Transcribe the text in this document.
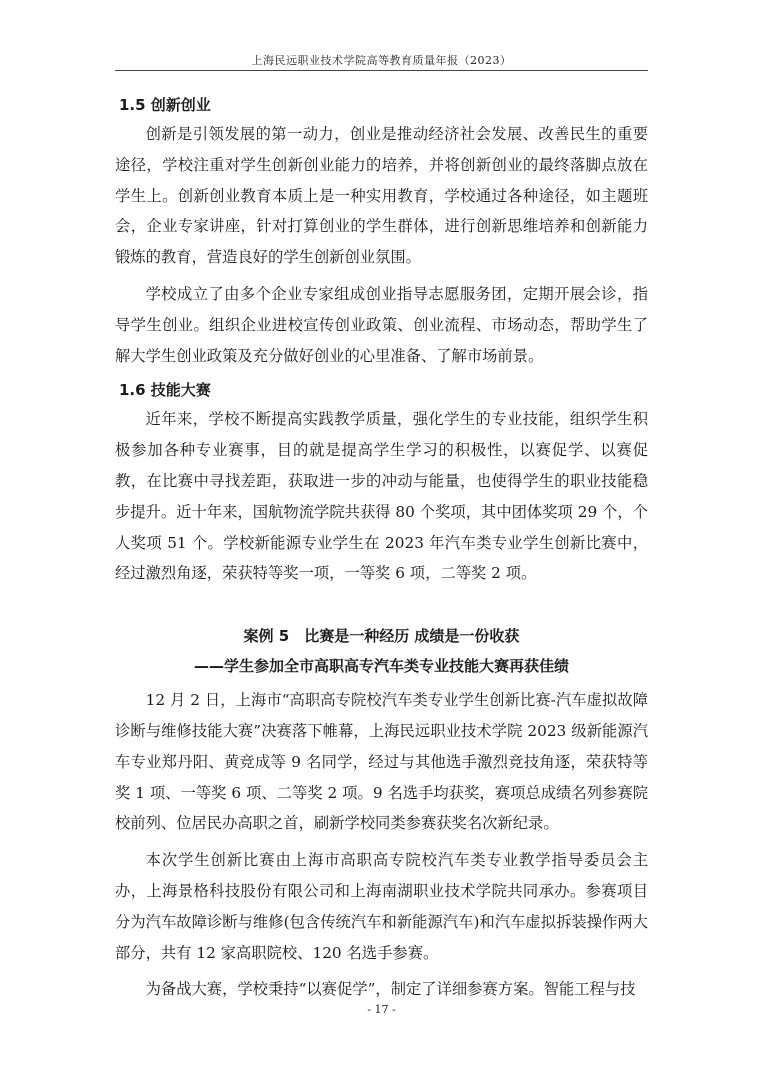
上海民远职业技术学院高等教育质量年报（2023）
1.5 创新创业

创新是引领发展的第一动力，创业是推动经济社会发展、改善民生的重要途径，学校注重对学生创新创业能力的培养，并将创新创业的最终落脚点放在学生上。创新创业教育本质上是一种实用教育，学校通过各种途径，如主题班会，企业专家讲座，针对打算创业的学生群体，进行创新思维培养和创新能力锻炼的教育，营造良好的学生创新创业氛围。

学校成立了由多个企业专家组成创业指导志愿服务团，定期开展会诊，指导学生创业。组织企业进校宣传创业政策、创业流程、市场动态，帮助学生了解大学生创业政策及充分做好创业的心里准备、了解市场前景。

1.6 技能大赛

近年来，学校不断提高实践教学质量，强化学生的专业技能，组织学生积极参加各种专业赛事，目的就是提高学生学习的积极性，以赛促学、以赛促教，在比赛中寻找差距，获取进一步的冲动与能量，也使得学生的职业技能稳步提升。近十年来，国航物流学院共获得 80 个奖项，其中团体奖项 29 个，个人奖项 51 个。学校新能源专业学生在 2023 年汽车类专业学生创新比赛中，经过激烈角逐，荣获特等奖一项，一等奖 6 项，二等奖 2 项。

案例 5　比赛是一种经历 成绩是一份收获
——学生参加全市高职高专汽车类专业技能大赛再获佳绩

12 月 2 日，上海市“高职高专院校汽车类专业学生创新比赛-汽车虚拟故障诊断与维修技能大赛”决赛落下帷幕，上海民远职业技术学院 2023 级新能源汽车专业郑丹阳、黄竞成等 9 名同学，经过与其他选手激烈竞技角逐，荣获特等奖 1 项、一等奖 6 项、二等奖 2 项。9 名选手均获奖，赛项总成绩名列参赛院校前列、位居民办高职之首，刷新学校同类参赛获奖名次新纪录。

本次学生创新比赛由上海市高职高专院校汽车类专业教学指导委员会主办，上海景格科技股份有限公司和上海南湖职业技术学院共同承办。参赛项目分为汽车故障诊断与维修(包含传统汽车和新能源汽车)和汽车虚拟拆装操作两大部分，共有 12 家高职院校、120 名选手参赛。

为备战大赛，学校秉持“以赛促学”，制定了详细参赛方案。智能工程与技

- 17 -
